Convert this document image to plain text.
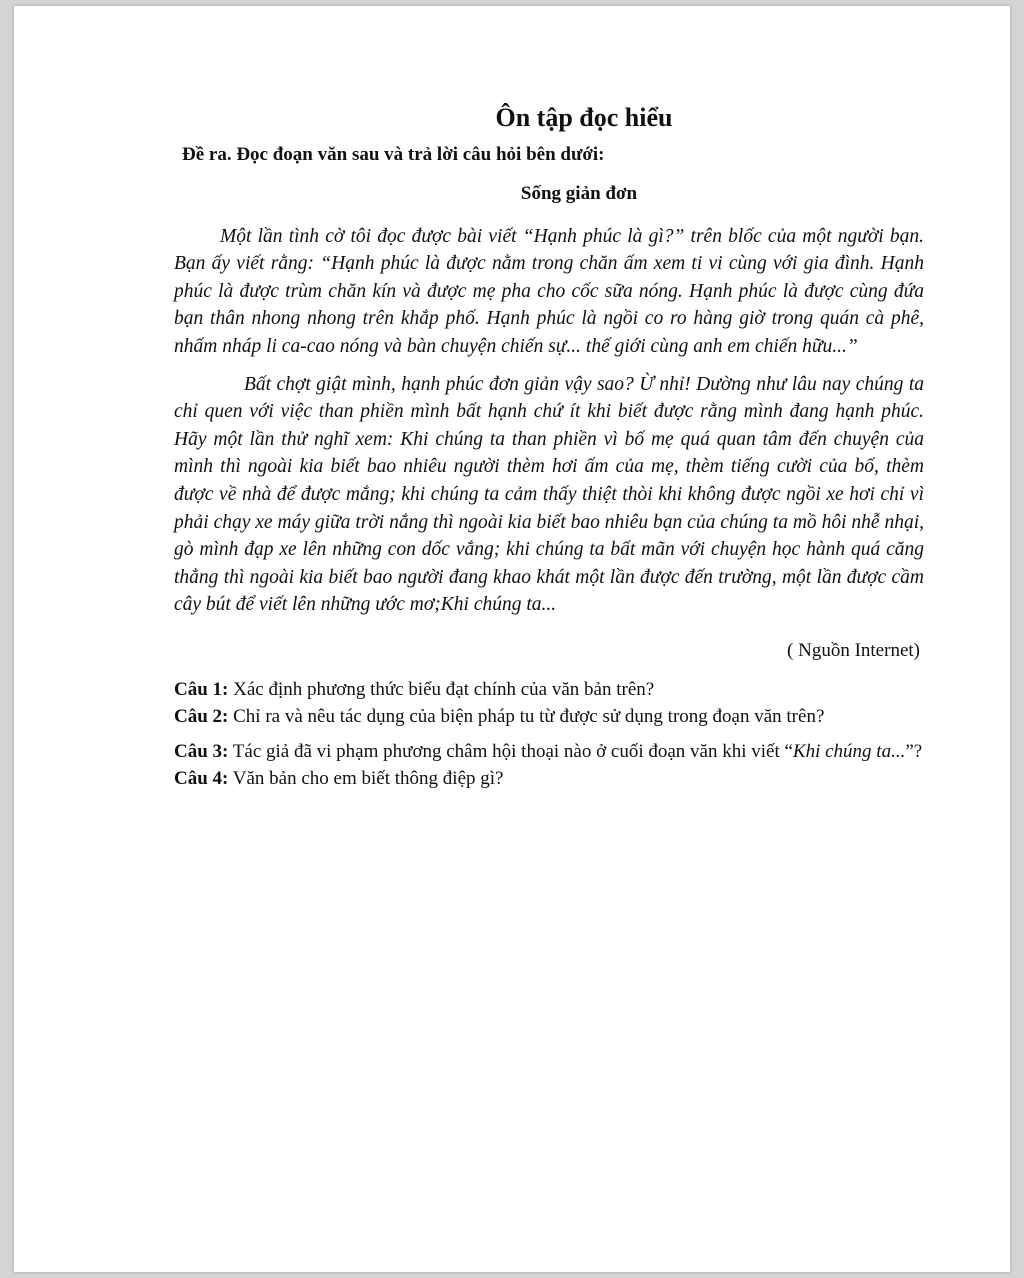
Ôn tập đọc hiểu
Đề ra. Đọc đoạn văn sau và trả lời câu hỏi bên dưới:
Sống giản đơn

Một lần tình cờ tôi đọc được bài viết “Hạnh phúc là gì?” trên blốc của một người bạn. Bạn ấy viết rằng: “Hạnh phúc là được nằm trong chăn ấm xem ti vi cùng với gia đình. Hạnh phúc là được trùm chăn kín và được mẹ pha cho cốc sữa nóng. Hạnh phúc là được cùng đứa bạn thân nhong nhong trên khắp phố. Hạnh phúc là ngồi co ro hàng giờ trong quán cà phê, nhấm nháp li ca-cao nóng và bàn chuyện chiến sự... thế giới cùng anh em chiến hữu...”

Bất chợt giật mình, hạnh phúc đơn giản vậy sao? Ừ nhỉ! Dường như lâu nay chúng ta chỉ quen với việc than phiền mình bất hạnh chứ ít khi biết được rằng mình đang hạnh phúc. Hãy một lần thử nghĩ xem: Khi chúng ta than phiền vì bố mẹ quá quan tâm đến chuyện của mình thì ngoài kia biết bao nhiêu người thèm hơi ấm của mẹ, thèm tiếng cười của bố, thèm được về nhà để được mắng; khi chúng ta cảm thấy thiệt thòi khi không được ngồi xe hơi chỉ vì phải chạy xe máy giữa trời nắng thì ngoài kia biết bao nhiêu bạn của chúng ta mồ hôi nhễ nhại, gò mình đạp xe lên những con dốc vắng; khi chúng ta bất mãn với chuyện học hành quá căng thẳng thì ngoài kia biết bao người đang khao khát một lần được đến trường, một lần được cầm cây bút để viết lên những ước mơ;Khi chúng ta...

( Nguồn Internet)

Câu 1: Xác định phương thức biểu đạt chính của văn bản trên?

Câu 2: Chỉ ra và nêu tác dụng của biện pháp tu từ được sử dụng trong đoạn văn trên?

Câu 3: Tác giả đã vi phạm phương châm hội thoại nào ở cuối đoạn văn khi viết “Khi chúng ta...”?

Câu 4: Văn bản cho em biết thông điệp gì?
